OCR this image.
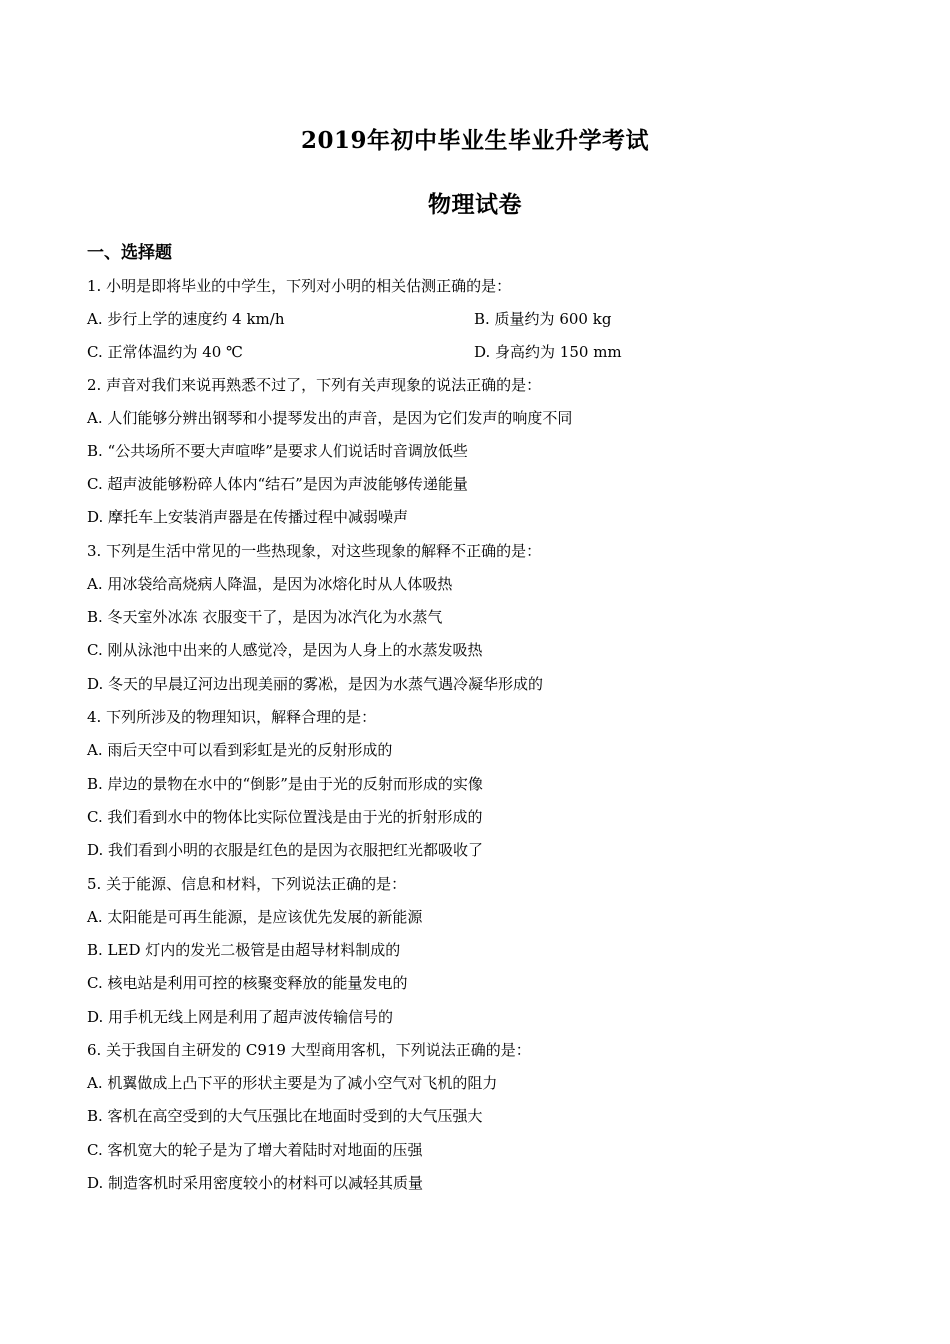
2019年初中毕业生毕业升学考试
物理试卷
一、选择题
1. 小明是即将毕业的中学生，下列对小明的相关估测正确的是：
A. 步行上学的速度约 4 km/h	B. 质量约为 600 kg
C. 正常体温约为 40 ℃	D. 身高约为 150 mm
2. 声音对我们来说再熟悉不过了，下列有关声现象的说法正确的是：
A. 人们能够分辨出钢琴和小提琴发出的声音，是因为它们发声的响度不同
B. “公共场所不要大声喧哗”是要求人们说话时音调放低些
C. 超声波能够粉碎人体内“结石”是因为声波能够传递能量
D. 摩托车上安装消声器是在传播过程中减弱噪声
3. 下列是生活中常见的一些热现象，对这些现象的解释不正确的是：
A. 用冰袋给高烧病人降温，是因为冰熔化时从人体吸热
B. 冬天室外冰冻 衣服变干了，是因为冰汽化为水蒸气
C. 刚从泳池中出来的人感觉冷，是因为人身上的水蒸发吸热
D. 冬天的早晨辽河边出现美丽的雾凇，是因为水蒸气遇冷凝华形成的
4. 下列所涉及的物理知识，解释合理的是：
A. 雨后天空中可以看到彩虹是光的反射形成的
B. 岸边的景物在水中的“倒影”是由于光的反射而形成的实像
C. 我们看到水中的物体比实际位置浅是由于光的折射形成的
D. 我们看到小明的衣服是红色的是因为衣服把红光都吸收了
5. 关于能源、信息和材料，下列说法正确的是：
A. 太阳能是可再生能源，是应该优先发展的新能源
B. LED 灯内的发光二极管是由超导材料制成的
C. 核电站是利用可控的核聚变释放的能量发电的
D. 用手机无线上网是利用了超声波传输信号的
6. 关于我国自主研发的 C919 大型商用客机，下列说法正确的是：
A. 机翼做成上凸下平的形状主要是为了减小空气对飞机的阻力
B. 客机在高空受到的大气压强比在地面时受到的大气压强大
C. 客机宽大的轮子是为了增大着陆时对地面的压强
D. 制造客机时采用密度较小的材料可以减轻其质量
